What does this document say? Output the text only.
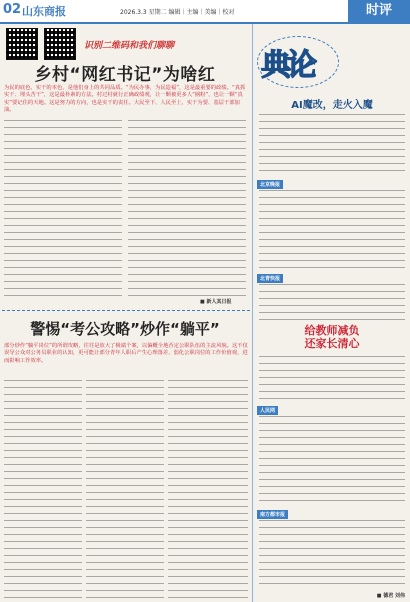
02 山东商报	2026.3.3 星期二 编辑｜主编｜美编｜校对	时评
识别二维码和我们聊聊
乡村“网红书记”为啥红
为民的底色、实干的本色，是他们身上的共同品质。“为民办事，为民造福”，这是最重要的政绩。“真抓实干、埋头苦干”，这是最朴素的方法。村过村就行正确政绩观，让一颗被更多人“圈粉”，也让一颗“真实”要记住的天地。这是努力的方向，也是实干的责任。大民至下、人民至上，实干为要、基层干部加油。
■ 新人其日报
警惕“考公攻略”炒作“躺平”
部分炒作“躺平岗位”的所谓攻略，往往是放大了极端个案，以偏概全地否定公职队伍的主流风貌。这不仅误导公众对公务员职业的认知，更可能让部分青年人职后产生心理落差，弱化公职岗位的工作价值观，进而影响工作效率。
典论
AI魔改，走火入魔
北京晚报
北青快报
给教师减负
还家长清心
人民网
南方都市报
■ 德君 刘伟
